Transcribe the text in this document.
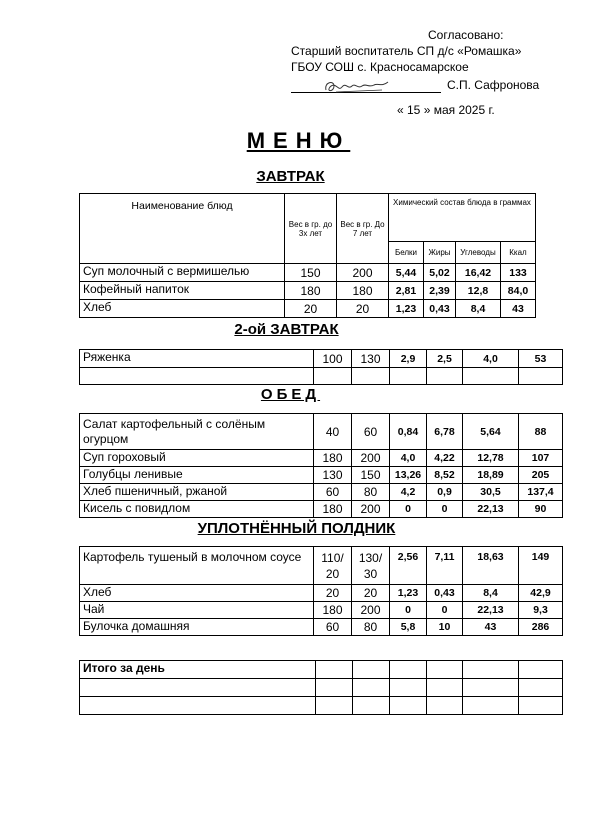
Согласовано:
Старший воспитатель СП д/с «Ромашка»
ГБОУ СОШ с. Красносамарское
С.П. Сафронова
« 15 » мая 2025 г.
МЕНЮ
ЗАВТРАК
Наименование блюд	Вес в гр. до 3х лет	Вес в гр. До 7 лет	Химический состав блюда в граммах			
			Белки	Жиры	Углеводы	Ккал
Суп молочный с вермишелью	150	200	5,44	5,02	16,42	133
Кофейный напиток	180	180	2,81	2,39	12,8	84,0
Хлеб	20	20	1,23	0,43	8,4	43
2-ой ЗАВТРАК
Ряженка	100	130	2,9	2,5	4,0	53

ОБЕД
Салат картофельный с солёным огурцом	40	60	0,84	6,78	5,64	88
Суп гороховый	180	200	4,0	4,22	12,78	107
Голубцы ленивые	130	150	13,26	8,52	18,89	205
Хлеб пшеничный, ржаной	60	80	4,2	0,9	30,5	137,4
Кисель с повидлом	180	200	0	0	22,13	90
УПЛОТНЁННЫЙ ПОЛДНИК
Картофель тушеный в молочном соусе	110/ 20	130/ 30	2,56	7,11	18,63	149
Хлеб	20	20	1,23	0,43	8,4	42,9
Чай	180	200	0	0	22,13	9,3
Булочка домашняя	60	80	5,8	10	43	286
Итого за день						
